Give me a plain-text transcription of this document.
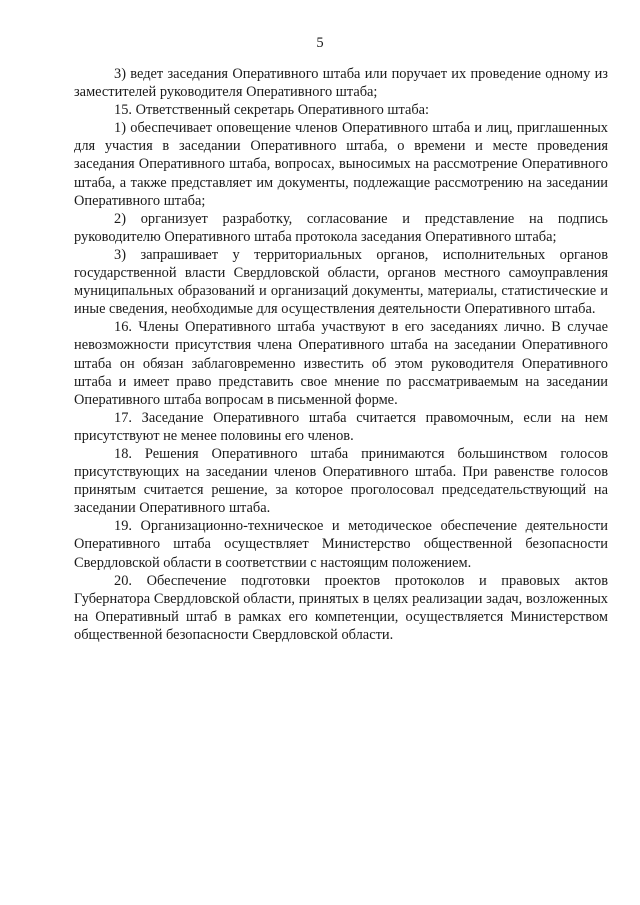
5

3) ведет заседания Оперативного штаба или поручает их проведение одному из заместителей руководителя Оперативного штаба;

15. Ответственный секретарь Оперативного штаба:

1) обеспечивает оповещение членов Оперативного штаба и лиц, приглашенных для участия в заседании Оперативного штаба, о времени и месте проведения заседания Оперативного штаба, вопросах, выносимых на рассмотрение Оперативного штаба, а также представляет им документы, подлежащие рассмотрению на заседании Оперативного штаба;

2) организует разработку, согласование и представление на подпись руководителю Оперативного штаба протокола заседания Оперативного штаба;

3) запрашивает у территориальных органов, исполнительных органов государственной власти Свердловской области, органов местного самоуправления муниципальных образований и организаций документы, материалы, статистические и иные сведения, необходимые для осуществления деятельности Оперативного штаба.

16. Члены Оперативного штаба участвуют в его заседаниях лично. В случае невозможности присутствия члена Оперативного штаба на заседании Оперативного штаба он обязан заблаговременно известить об этом руководителя Оперативного штаба и имеет право представить свое мнение по рассматриваемым на заседании Оперативного штаба вопросам в письменной форме.

17. Заседание Оперативного штаба считается правомочным, если на нем присутствуют не менее половины его членов.

18. Решения Оперативного штаба принимаются большинством голосов присутствующих на заседании членов Оперативного штаба. При равенстве голосов принятым считается решение, за которое проголосовал председательствующий на заседании Оперативного штаба.

19. Организационно-техническое и методическое обеспечение деятельности Оперативного штаба осуществляет Министерство общественной безопасности Свердловской области в соответствии с настоящим положением.

20. Обеспечение подготовки проектов протоколов и правовых актов Губернатора Свердловской области, принятых в целях реализации задач, возложенных на Оперативный штаб в рамках его компетенции, осуществляется Министерством общественной безопасности Свердловской области.
